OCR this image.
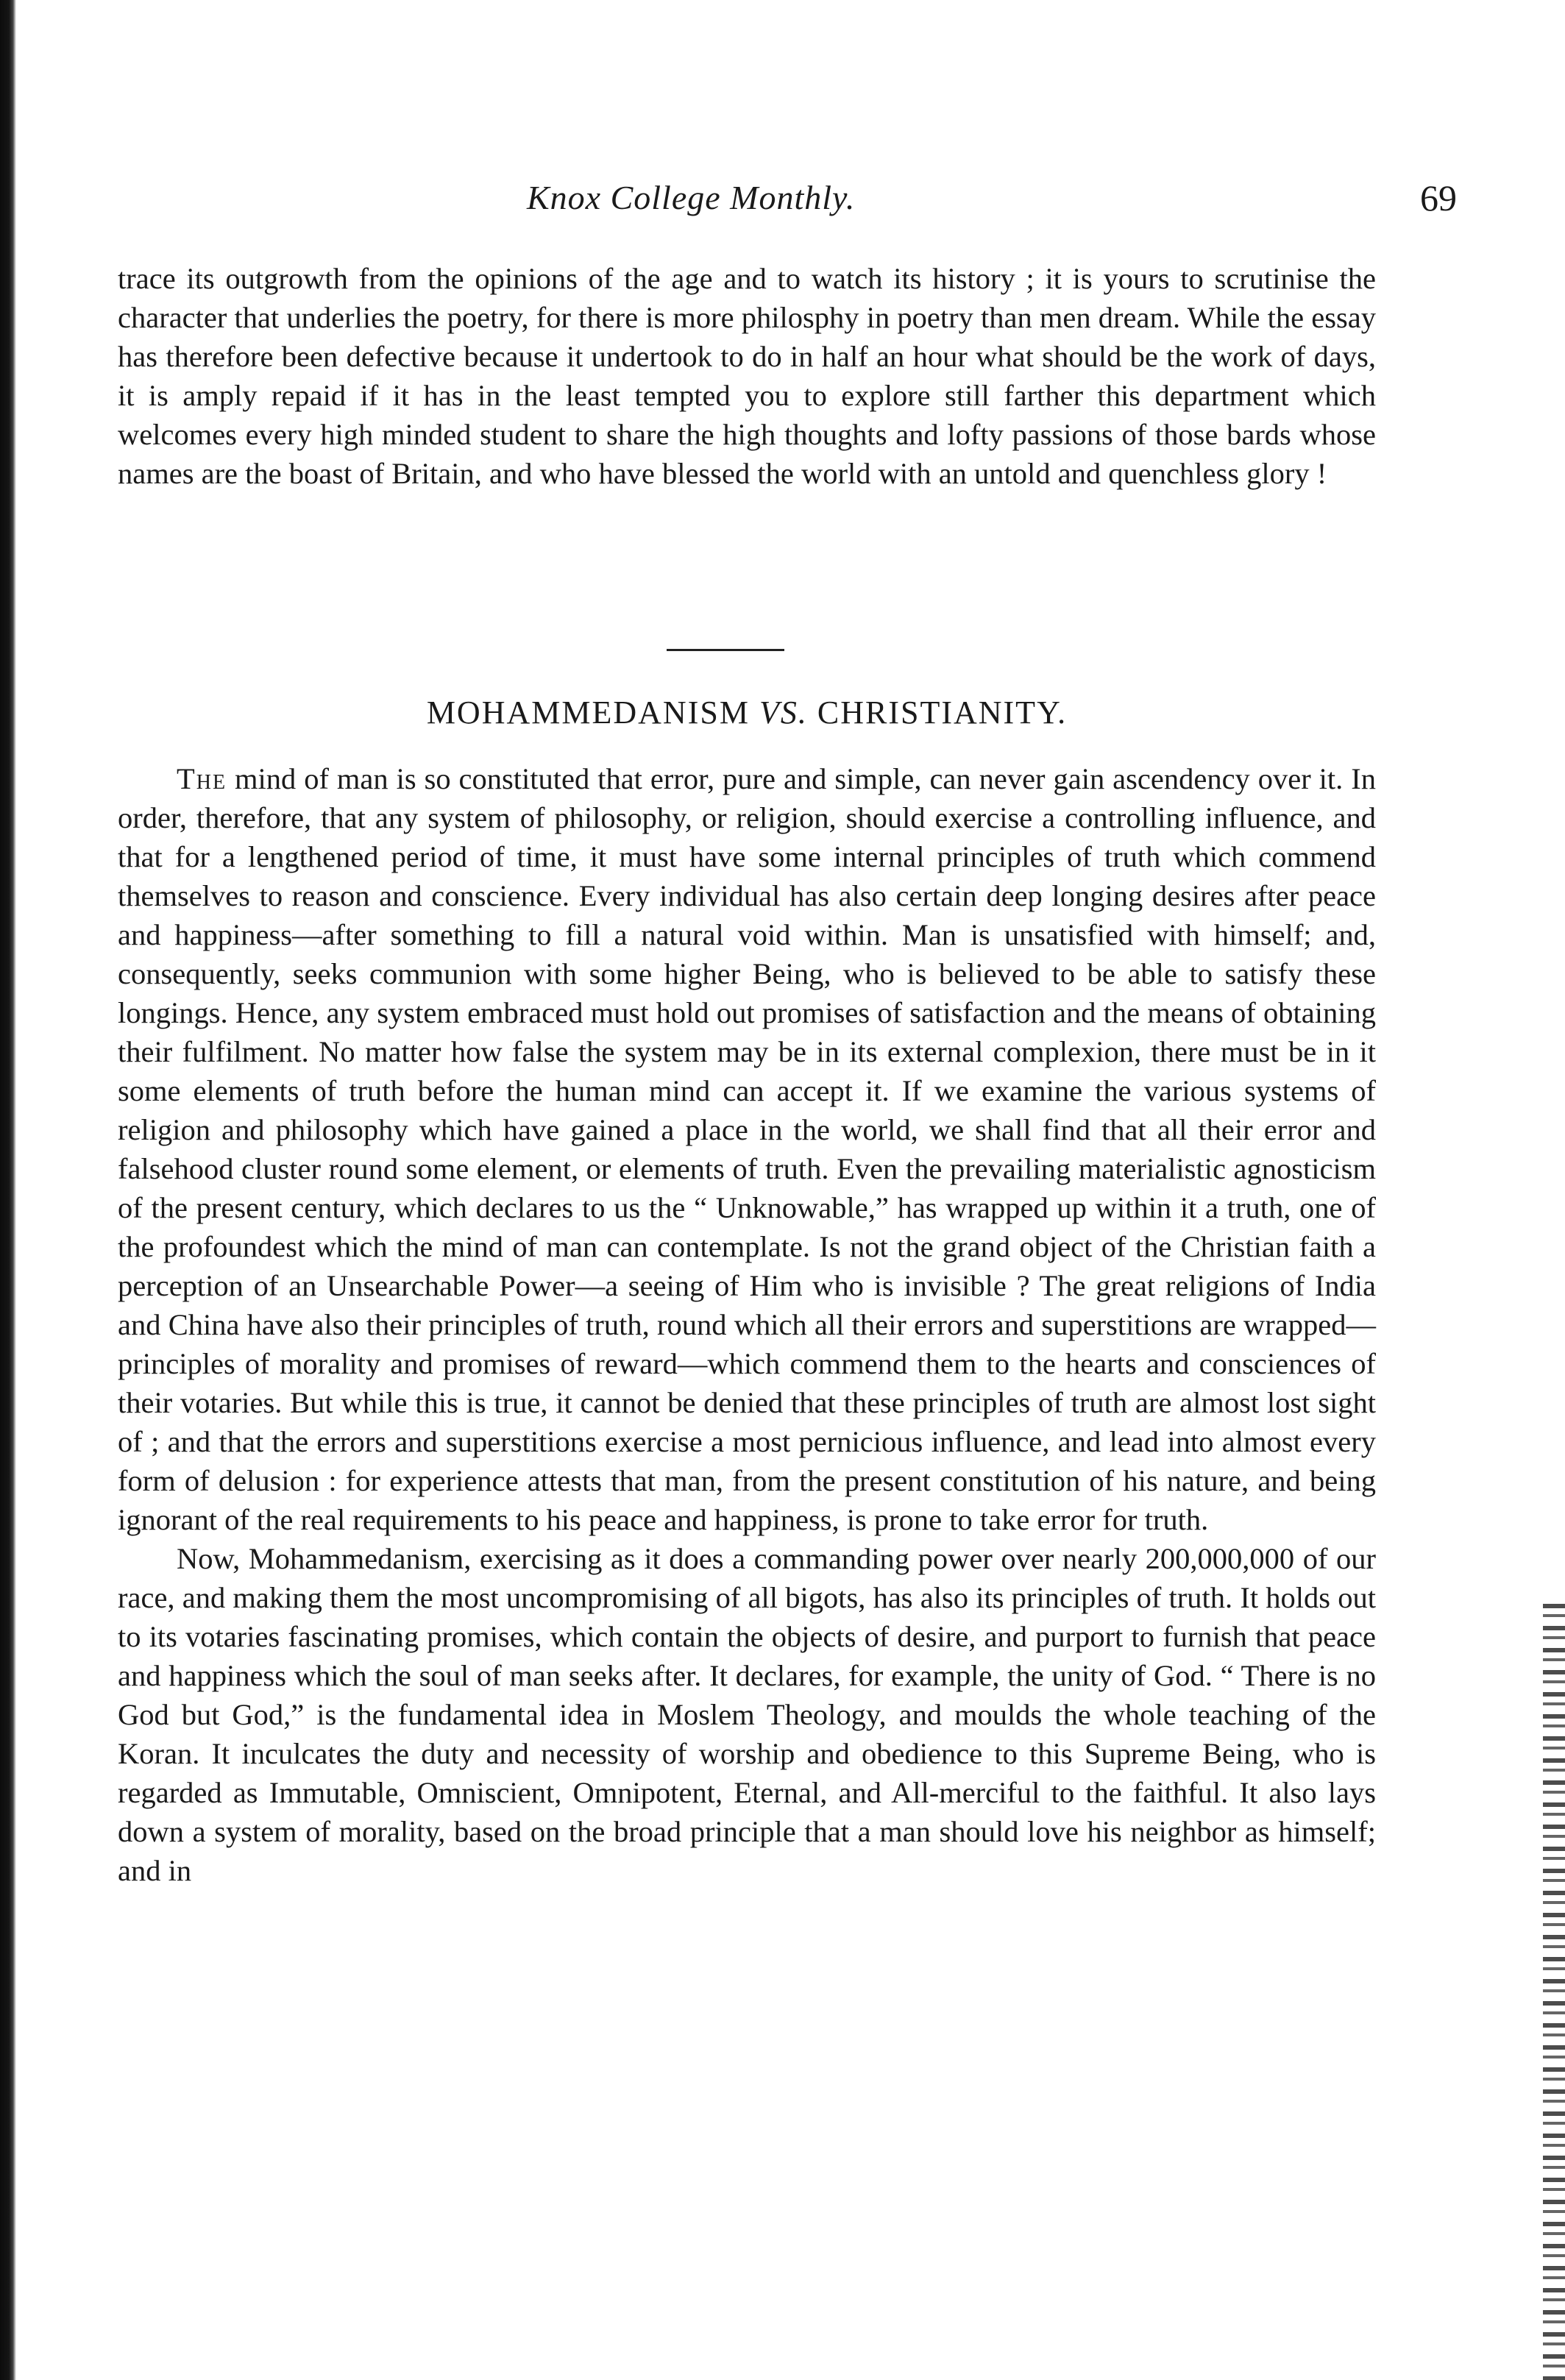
Knox College Monthly.	69

trace its outgrowth from the opinions of the age and to watch its history ; it is yours to scrutinise the character that underlies the poetry, for there is more philosphy in poetry than men dream. While the essay has therefore been defective because it undertook to do in half an hour what should be the work of days, it is amply repaid if it has in the least tempted you to explore still farther this department which welcomes every high minded student to share the high thoughts and lofty passions of those bards whose names are the boast of Britain, and who have blessed the world with an untold and quenchless glory !

MOHAMMEDANISM VS. CHRISTIANITY.

The mind of man is so constituted that error, pure and simple, can never gain ascendency over it. In order, therefore, that any system of philosophy, or religion, should exercise a controlling influence, and that for a lengthened period of time, it must have some internal principles of truth which commend themselves to reason and conscience. Every individual has also certain deep longing desires after peace and happiness—after something to fill a natural void within. Man is unsatisfied with himself; and, consequently, seeks communion with some higher Being, who is believed to be able to satisfy these longings. Hence, any system embraced must hold out promises of satisfaction and the means of obtaining their fulfilment. No matter how false the system may be in its external complexion, there must be in it some elements of truth before the human mind can accept it. If we examine the various systems of religion and philosophy which have gained a place in the world, we shall find that all their error and falsehood cluster round some element, or elements of truth. Even the prevailing materialistic agnosticism of the present century, which declares to us the “ Unknowable,” has wrapped up within it a truth, one of the profoundest which the mind of man can contemplate. Is not the grand object of the Christian faith a perception of an Unsearchable Power—a seeing of Him who is invisible ? The great religions of India and China have also their principles of truth, round which all their errors and superstitions are wrapped—principles of morality and promises of reward—which commend them to the hearts and consciences of their votaries. But while this is true, it cannot be denied that these principles of truth are almost lost sight of ; and that the errors and superstitions exercise a most pernicious influence, and lead into almost every form of delusion : for experience attests that man, from the present constitution of his nature, and being ignorant of the real requirements to his peace and happiness, is prone to take error for truth.

Now, Mohammedanism, exercising as it does a commanding power over nearly 200,000,000 of our race, and making them the most uncompromising of all bigots, has also its principles of truth. It holds out to its votaries fascinating promises, which contain the objects of desire, and purport to furnish that peace and happiness which the soul of man seeks after. It declares, for example, the unity of God. “ There is no God but God,” is the fundamental idea in Moslem Theology, and moulds the whole teaching of the Koran. It inculcates the duty and necessity of worship and obedience to this Supreme Being, who is regarded as Immutable, Omniscient, Omnipotent, Eternal, and All-merciful to the faithful. It also lays down a system of morality, based on the broad principle that a man should love his neighbor as himself; and in
